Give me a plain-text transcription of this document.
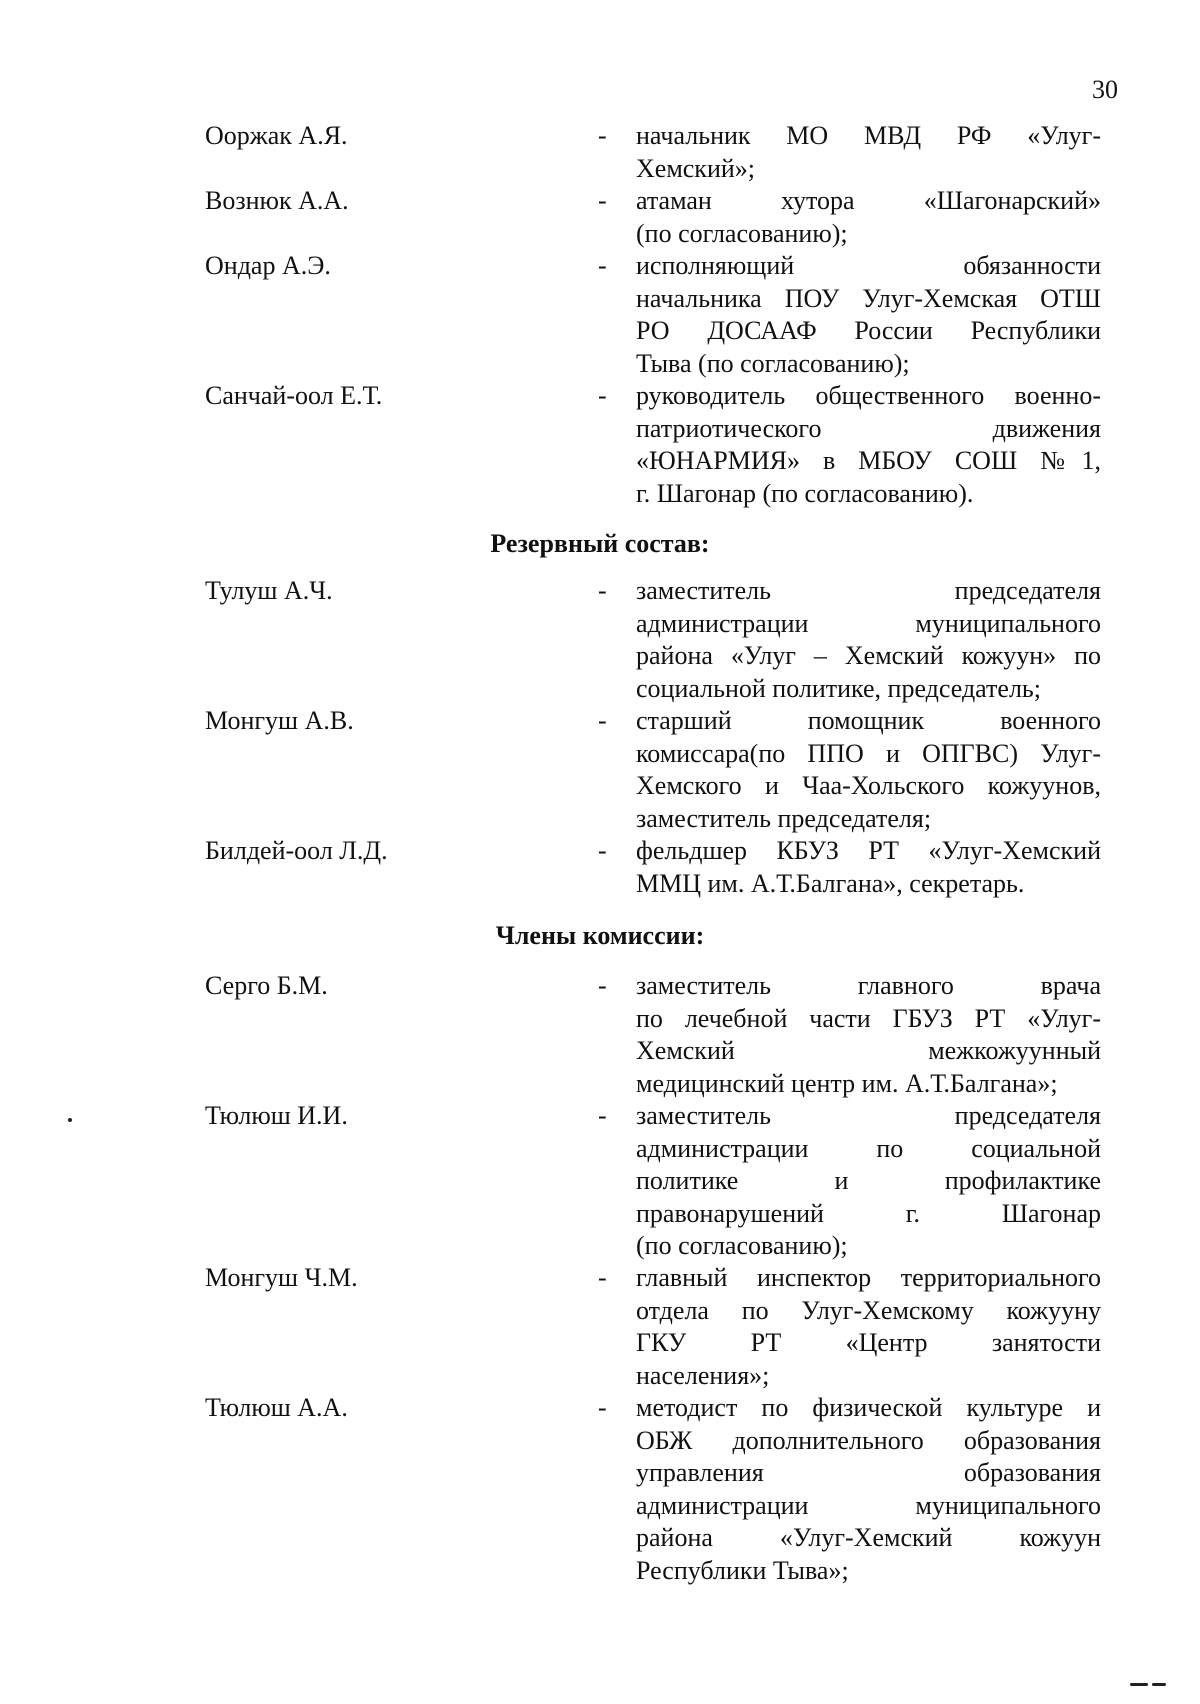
30
Ооржак А.Я.	- начальник МО МВД РФ «Улуг-
Хемский»;
Вознюк А.А.	- атаман хутора «Шагонарский»
(по согласованию);
Ондар А.Э.	- исполняющий обязанности
начальника ПОУ Улуг-Хемская ОТШ
РО ДОСААФ России Республики
Тыва (по согласованию);
Санчай-оол Е.Т.	- руководитель общественного военно-
патриотического движения
«ЮНАРМИЯ» в МБОУ СОШ №1,
г. Шагонар (по согласованию).
Резервный состав:
Тулуш А.Ч.	- заместитель председателя
администрации муниципального
района «Улуг – Хемский кожуун» по
социальной политике, председатель;
Монгуш А.В.	- старший помощник военного
комиссара(по ППО и ОПГВС) Улуг-
Хемского и Чаа-Хольского кожуунов,
заместитель председателя;
Билдей-оол Л.Д.	- фельдшер КБУЗ РТ «Улуг-Хемский
ММЦ им. А.Т.Балгана», секретарь.
Члены комиссии:
Серго Б.М.	- заместитель главного врача
по лечебной части ГБУЗ РТ «Улуг-
Хемский межкожуунный
медицинский центр им. А.Т.Балгана»;
Тюлюш И.И.	- заместитель председателя
администрации по социальной
политике и профилактике
правонарушений г. Шагонар
(по согласованию);
Монгуш Ч.М.	- главный инспектор территориального
отдела по Улуг-Хемскому кожууну
ГКУ РТ «Центр занятости
населения»;
Тюлюш А.А.	- методист по физической культуре и
ОБЖ дополнительного образования
управления образования
администрации муниципального
района «Улуг-Хемский кожуун
Республики Тыва»;
